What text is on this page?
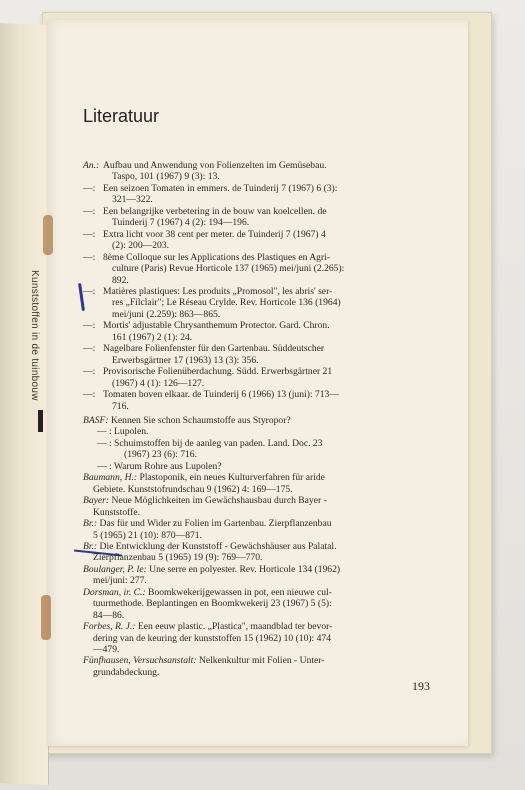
Kunststoffen in de tuinbouw
Literatuur
An.: Aufbau und Anwendung von Folienzelten im Gemüsebau.
Taspo, 101 (1967) 9 (3): 13.
—: Een seizoen Tomaten in emmers. de Tuinderij 7 (1967) 6 (3):
321—322.
—: Een belangrijke verbetering in de bouw van koelcellen. de
Tuinderij 7 (1967) 4 (2): 194—196.
—: Extra licht voor 38 cent per meter. de Tuinderij 7 (1967) 4
(2): 200—203.
—: 8ème Colloque sur les Applications des Plastiques en Agri-
culture (Paris) Revue Horticole 137 (1965) mei/juni (2.265):
892.
—: Matières plastiques: Les produits „Promosol", les abris' ser-
res „Filclair"; Le Réseau Crylde. Rev. Horticole 136 (1964)
mei/juni (2.259): 863—865.
—: Mortis' adjustable Chrysanthemum Protector. Gard. Chron.
161 (1967) 2 (1): 24.
—: Nagelbare Folienfenster für den Gartenbau. Süddeutscher
Erwerbsgärtner 17 (1963) 13 (3): 356.
—: Provisorische Folienüberdachung. Südd. Erwerbsgärtner 21
(1967) 4 (1): 126—127.
—: Tomaten boven elkaar. de Tuinderij 6 (1966) 13 (juni): 713—
716.
BASF: Kennen Sie schon Schaumstoffe aus Styropor?
— : Lupolen.
— : Schuimstoffen bij de aanleg van paden. Land. Doc. 23
(1967) 23 (6): 716.
— : Warum Rohre aus Lupolen?
Baumann, H.: Plastoponik, ein neues Kulturverfahren für aride
Gebiete. Kunststofrundschau 9 (1962) 4: 169—175.
Bayer: Neue Möglichkeiten im Gewächshausbau durch Bayer -
Kunststoffe.
Br.: Das für und Wider zu Folien im Gartenbau. Zierpflanzenbau
5 (1965) 21 (10): 870—871.
Br.: Die Entwicklung der Kunststoff - Gewächshäuser aus Palatal.
Zierpflanzenbau 5 (1965) 19 (9): 769—770.
Boulanger, P. le: Une serre en polyester. Rev. Horticole 134 (1962)
mei/juni: 277.
Dorsman, ir. C.: Boomkwekerijgewassen in pot, een nieuwe cul-
tuurmethode. Beplantingen en Boomkwekerij 23 (1967) 5 (5):
84—86.
Forbes, R. J.: Een eeuw plastic. „Plastica", maandblad ter bevor-
dering van de keuring der kunststoffen 15 (1962) 10 (10): 474
—479.
Fünfhausen, Versuchsanstalt: Nelkenkultur mit Folien - Unter-
grundabdeckung.
193
